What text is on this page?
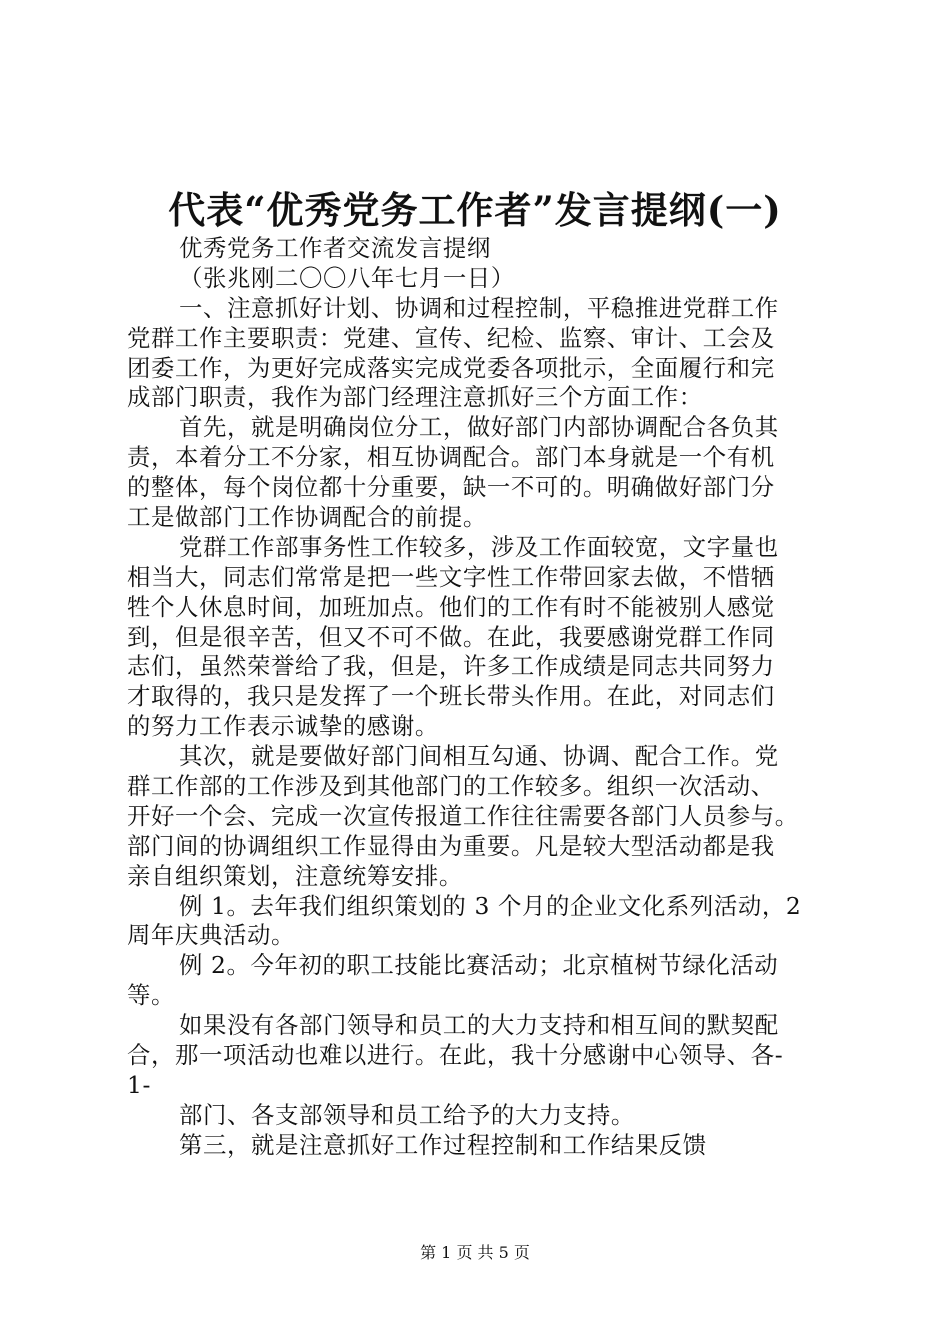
代表“优秀党务工作者”发言提纲(一)
优秀党务工作者交流发言提纲
（张兆刚二〇〇八年七月一日）
一、注意抓好计划、协调和过程控制，平稳推进党群工作
党群工作主要职责：党建、宣传、纪检、监察、审计、工会及
团委工作，为更好完成落实完成党委各项批示，全面履行和完
成部门职责，我作为部门经理注意抓好三个方面工作：
首先，就是明确岗位分工，做好部门内部协调配合各负其
责，本着分工不分家，相互协调配合。部门本身就是一个有机
的整体，每个岗位都十分重要，缺一不可的。明确做好部门分
工是做部门工作协调配合的前提。
党群工作部事务性工作较多，涉及工作面较宽，文字量也
相当大，同志们常常是把一些文字性工作带回家去做，不惜牺
牲个人休息时间，加班加点。他们的工作有时不能被别人感觉
到，但是很辛苦，但又不可不做。在此，我要感谢党群工作同
志们，虽然荣誉给了我，但是，许多工作成绩是同志共同努力
才取得的，我只是发挥了一个班长带头作用。在此，对同志们
的努力工作表示诚挚的感谢。
其次，就是要做好部门间相互勾通、协调、配合工作。党
群工作部的工作涉及到其他部门的工作较多。组织一次活动、
开好一个会、完成一次宣传报道工作往往需要各部门人员参与。
部门间的协调组织工作显得由为重要。凡是较大型活动都是我
亲自组织策划，注意统筹安排。
例 1。去年我们组织策划的 3 个月的企业文化系列活动，2
周年庆典活动。
例 2。今年初的职工技能比赛活动；北京植树节绿化活动
等。
如果没有各部门领导和员工的大力支持和相互间的默契配
合，那一项活动也难以进行。在此，我十分感谢中心领导、各-
1-
部门、各支部领导和员工给予的大力支持。
第三，就是注意抓好工作过程控制和工作结果反馈
第 1 页 共 5 页
